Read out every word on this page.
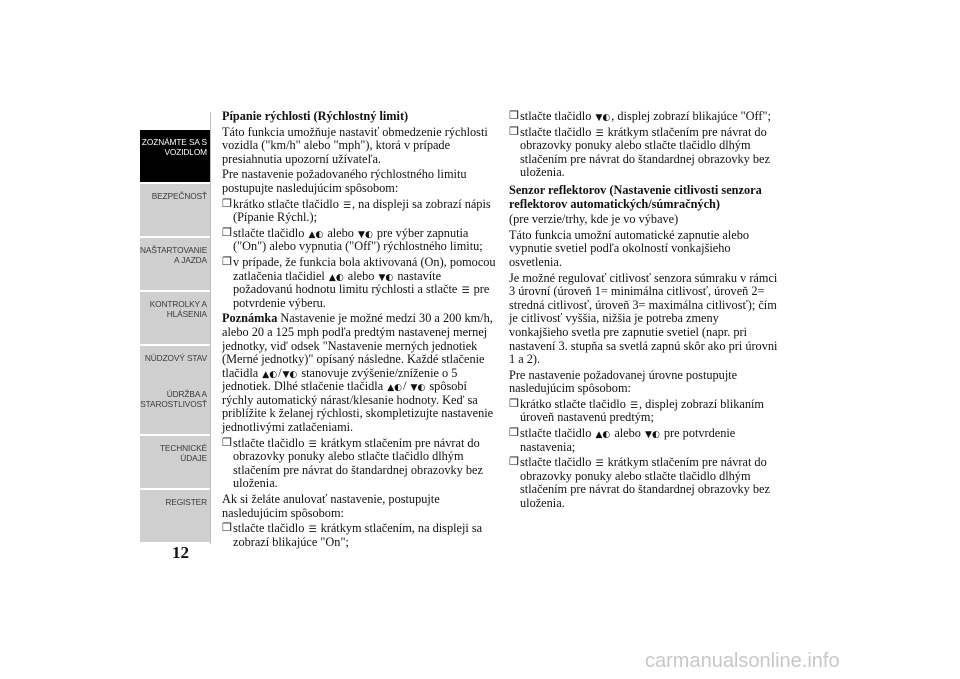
ZOZNÁMTE SA S
VOZIDLOM
BEZPEČNOSŤ
NAŠTARTOVANIE
A JAZDA
KONTROLKY A
HLÁSENIA
NÚDZOVÝ STAV
ÚDRŽBA A
STAROSTLIVOSŤ
TECHNICKÉ
ÚDAJE
REGISTER
12

Pípanie rýchlosti (Rýchlostný limit)

Táto funkcia umožňuje nastaviť obmedzenie rýchlosti vozidla ("km/h" alebo "mph"), ktorá v prípade presiahnutia upozorní užívateľa.

Pre nastavenie požadovaného rýchlostného limitu postupujte nasledujúcim spôsobom:

❒ krátko stlačte tlačidlo ☰, na displeji sa zobrazí nápis (Pípanie Rýchl.);
❒ stlačte tlačidlo ▲◐ alebo ▼◐ pre výber zapnutia ("On") alebo vypnutia ("Off") rýchlostného limitu;
❒ v prípade, že funkcia bola aktivovaná (On), pomocou zatlačenia tlačidiel ▲◐ alebo ▼◐ nastavíte požadovanú hodnotu limitu rýchlosti a stlačte ☰ pre potvrdenie výberu.

Poznámka Nastavenie je možné medzi 30 a 200 km/h, alebo 20 a 125 mph podľa predtým nastavenej mernej jednotky, viď odsek "Nastavenie merných jednotiek (Merné jednotky)" opísaný následne. Každé stlačenie tlačidla ▲◐/▼◐ stanovuje zvýšenie/zníženie o 5 jednotiek. Dlhé stlačenie tlačidla ▲◐/ ▼◐ spôsobí rýchly automatický nárast/klesanie hodnoty. Keď sa priblížite k želanej rýchlosti, skompletizujte nastavenie jednotlivými zatlačeniami.

❒ stlačte tlačidlo ☰ krátkym stlačením pre návrat do obrazovky ponuky alebo stlačte tlačidlo dlhým stlačením pre návrat do štandardnej obrazovky bez uloženia.

Ak si želáte anulovať nastavenie, postupujte nasledujúcim spôsobom:

❒ stlačte tlačidlo ☰ krátkym stlačením, na displeji sa zobrazí blikajúce "On";
❒ stlačte tlačidlo ▼◐, displej zobrazí blikajúce "Off";
❒ stlačte tlačidlo ☰ krátkym stlačením pre návrat do obrazovky ponuky alebo stlačte tlačidlo dlhým stlačením pre návrat do štandardnej obrazovky bez uloženia.

Senzor reflektorov (Nastavenie citlivosti senzora reflektorov automatických/súmračných)

(pre verzie/trhy, kde je vo výbave)

Táto funkcia umožní automatické zapnutie alebo vypnutie svetiel podľa okolností vonkajšieho osvetlenia.

Je možné regulovať citlivosť senzora súmraku v rámci 3 úrovní (úroveň 1= minimálna citlivosť, úroveň 2= stredná citlivosť, úroveň 3= maximálna citlivosť); čím je citlivosť vyššia, nižšia je potreba zmeny vonkajšieho svetla pre zapnutie svetiel (napr. pri nastavení 3. stupňa sa svetlá zapnú skôr ako pri úrovni 1 a 2).

Pre nastavenie požadovanej úrovne postupujte nasledujúcim spôsobom:

❒ krátko stlačte tlačidlo ☰, displej zobrazí blikaním úroveň nastavenú predtým;
❒ stlačte tlačidlo ▲◐ alebo ▼◐ pre potvrdenie nastavenia;
❒ stlačte tlačidlo ☰ krátkym stlačením pre návrat do obrazovky ponuky alebo stlačte tlačidlo dlhým stlačením pre návrat do štandardnej obrazovky bez uloženia.
carmanualsonline.info
